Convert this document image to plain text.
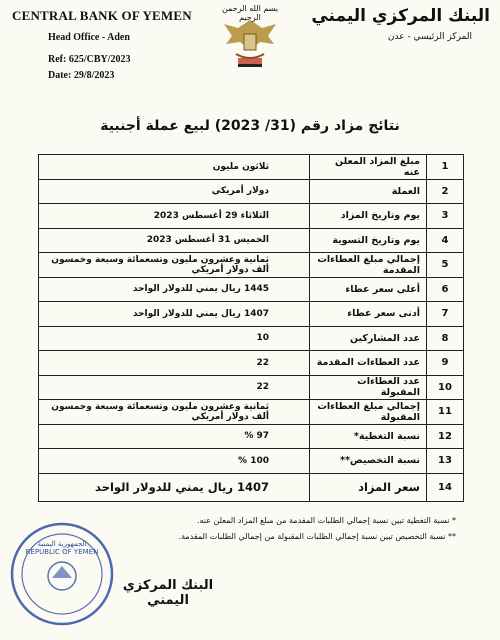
CENTRAL BANK OF YEMEN
Head Office - Aden
Ref: 625/CBY/2023
Date: 29/8/2023
بسم الله الرحمن الرحيم	البنك المركزي اليمني
المركز الرئيسي - عدن
نتائج مزاد رقم (31/ 2023) لبيع عملة أجنبية
1	مبلغ المزاد المعلن عنه	ثلاثون مليون
2	العملة	دولار أمريكي
3	يوم وتاريخ المزاد	الثلاثاء 29 أغسطس 2023
4	يوم وتاريخ التسوية	الخميس 31 أغسطس 2023
5	إجمالي مبلغ العطاءات المقدمة	ثمانية وعشرون مليون وتسعمائة وسبعة وخمسون ألف دولار أمريكي
6	أعلى سعر عطاء	1445 ريال يمني للدولار الواحد
7	أدنى سعر عطاء	1407 ريال يمني للدولار الواحد
8	عدد المشاركين	10
9	عدد العطاءات المقدمة	22
10	عدد العطاءات المقبولة	22
11	إجمالي مبلغ العطاءات المقبولة	ثمانية وعشرون مليون وتسعمائة وسبعة وخمسون ألف دولار أمريكي
12	نسبة التغطية*	97 %
13	نسبة التخصيص**	100 %
14	سعر المزاد	1407 ريال يمني للدولار الواحد
* نسبة التغطية تبين نسبة إجمالي الطلبات المقدمة من مبلغ المزاد المعلن عنه.
** نسبة التخصيص تبين نسبة إجمالي الطلبات المقبولة من إجمالي الطلبات المقدمة.
REPUBLIC OF YEMEN
الجمهورية اليمنية
البنك المركزي اليمني
